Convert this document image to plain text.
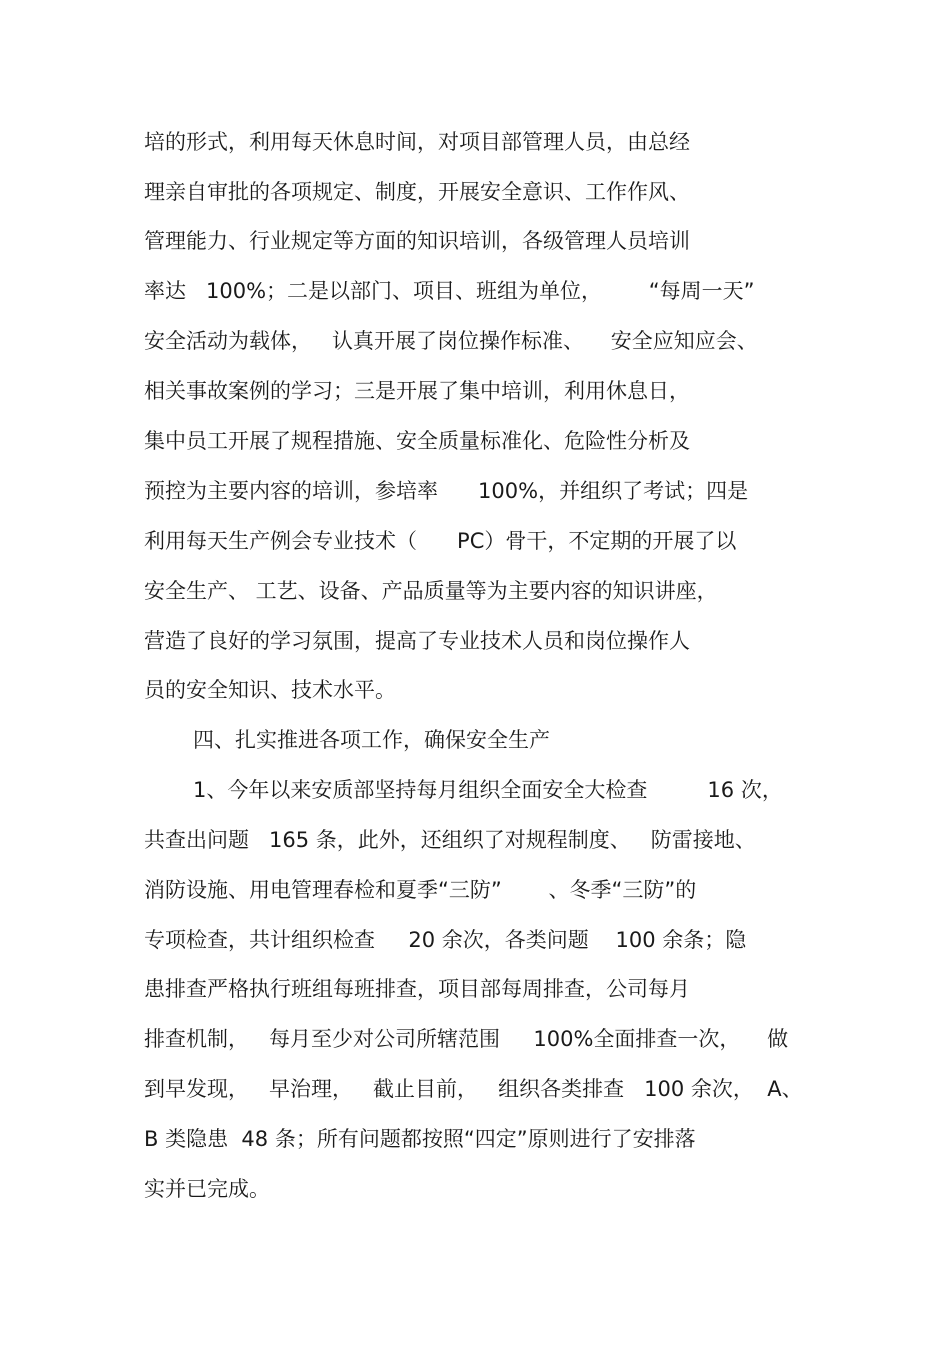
培的形式，利用每天休息时间，对项目部管理人员，由总经

理亲自审批的各项规定、制度，开展安全意识、工作作风、

管理能力、行业规定等方面的知识培训，各级管理人员培训

率达   100%；二是以部门、项目、班组为单位，       “每周一天”

安全活动为载体，   认真开展了岗位操作标准、    安全应知应会、

相关事故案例的学习；三是开展了集中培训，利用休息日，

集中员工开展了规程措施、安全质量标准化、危险性分析及

预控为主要内容的培训，参培率      100%，并组织了考试；四是

利用每天生产例会专业技术（      PC）骨干，不定期的开展了以

安全生产、 工艺、设备、产品质量等为主要内容的知识讲座，

营造了良好的学习氛围，提高了专业技术人员和岗位操作人

员的安全知识、技术水平。

四、扎实推进各项工作，确保安全生产

1、今年以来安质部坚持每月组织全面安全大检查         16 次，

共查出问题   165 条，此外，还组织了对规程制度、   防雷接地、

消防设施、用电管理春检和夏季“三防”       、冬季“三防”的

专项检查，共计组织检查     20 余次，各类问题    100 余条；隐

患排查严格执行班组每班排查，项目部每周排查，公司每月

排查机制，   每月至少对公司所辖范围     100%全面排查一次，    做

到早发现，   早治理，   截止目前，   组织各类排查   100 余次，  A、

B 类隐患  48 条；所有问题都按照“四定”原则进行了安排落

实并已完成。
